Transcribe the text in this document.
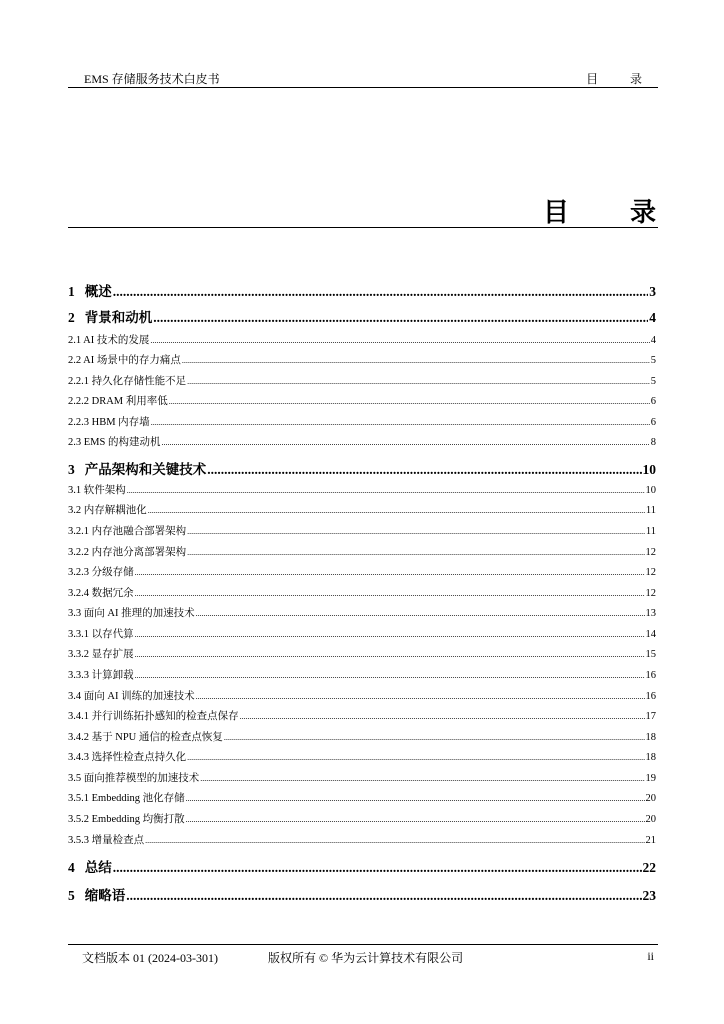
EMS 存储服务技术白皮书	目 录
目 录
1 概述 .....	3
2 背景和动机 .....	4
2.1 AI 技术的发展 .....	4
2.2 AI 场景中的存力痛点 .....	5
2.2.1 持久化存储性能不足 .....	5
2.2.2 DRAM 利用率低 .....	6
2.2.3 HBM 内存墙 .....	6
2.3 EMS 的构建动机 .....	8
3 产品架构和关键技术 .....	10
3.1 软件架构 .....	10
3.2 内存解耦池化 .....	11
3.2.1 内存池融合部署架构 .....	11
3.2.2 内存池分离部署架构 .....	12
3.2.3 分级存储 .....	12
3.2.4 数据冗余 .....	12
3.3 面向 AI 推理的加速技术 .....	13
3.3.1 以存代算 .....	14
3.3.2 显存扩展 .....	15
3.3.3 计算卸载 .....	16
3.4 面向 AI 训练的加速技术 .....	16
3.4.1 并行训练拓扑感知的检查点保存 .....	17
3.4.2 基于 NPU 通信的检查点恢复 .....	18
3.4.3 选择性检查点持久化 .....	18
3.5 面向推荐模型的加速技术 .....	19
3.5.1 Embedding 池化存储 .....	20
3.5.2 Embedding 均衡打散 .....	20
3.5.3 增量检查点 .....	21
4 总结 .....	22
5 缩略语 .....	23
文档版本 01 (2024-03-301)	版权所有 © 华为云计算技术有限公司	ii
